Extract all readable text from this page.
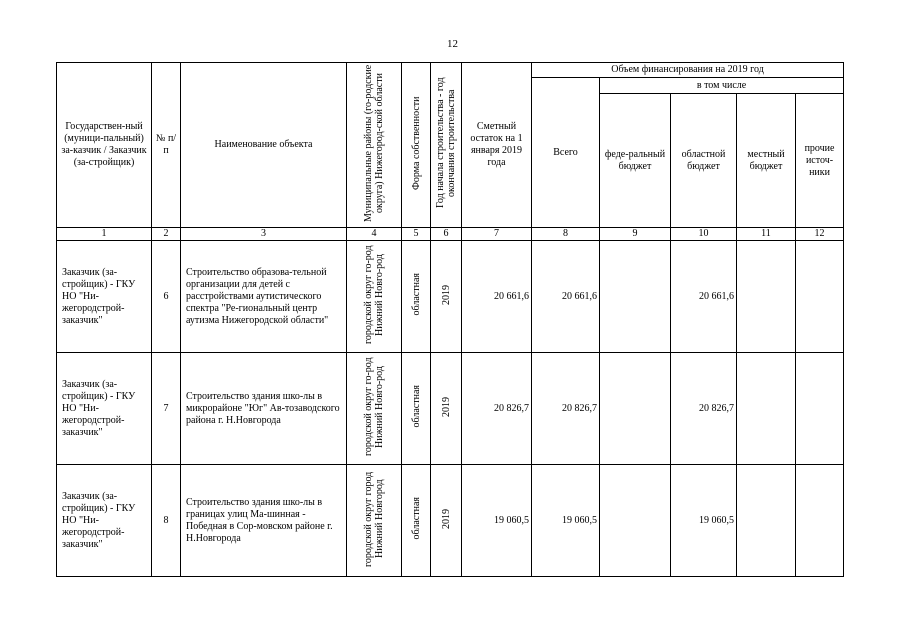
12
Государствен-ный (муници-пальный) за-казчик / Заказчик (за-стройщик)	№ п/п	Наименование объекта	Муниципальные районы (го-родские округа) Нижегород-ской области	Форма собственности	Год начала строительства - год окончания строительства	Сметный остаток на 1 января 2019 года	Объем финансирования на 2019 год				
							Всего	в том числе			
								феде-ральный бюджет	областной бюджет	местный бюджет	прочие источ-ники
1	2	3	4	5	6	7	8	9	10	11	12
Заказчик (за-стройщик) - ГКУ НО "Ни-жегородстрой-заказчик"	6	Строительство образова-тельной организации для детей с расстройствами аутистического спектра "Ре-гиональный центр аутизма Нижегородской области"	городской округ го-род Нижний Новго-род	областная	2019	20 661,6	20 661,6		20 661,6		
Заказчик (за-стройщик) - ГКУ НО "Ни-жегородстрой-заказчик"	7	Строительство здания шко-лы в микрорайоне "Юг" Ав-тозаводского района г. Н.Новгорода	городской округ го-род Нижний Новго-род	областная	2019	20 826,7	20 826,7		20 826,7		
Заказчик (за-стройщик) - ГКУ НО "Ни-жегородстрой-заказчик"	8	Строительство здания шко-лы в границах улиц Ма-шинная - Победная в Сор-мовском районе г. Н.Новгорода	городской округ город Нижний Новгород	областная	2019	19 060,5	19 060,5		19 060,5		
